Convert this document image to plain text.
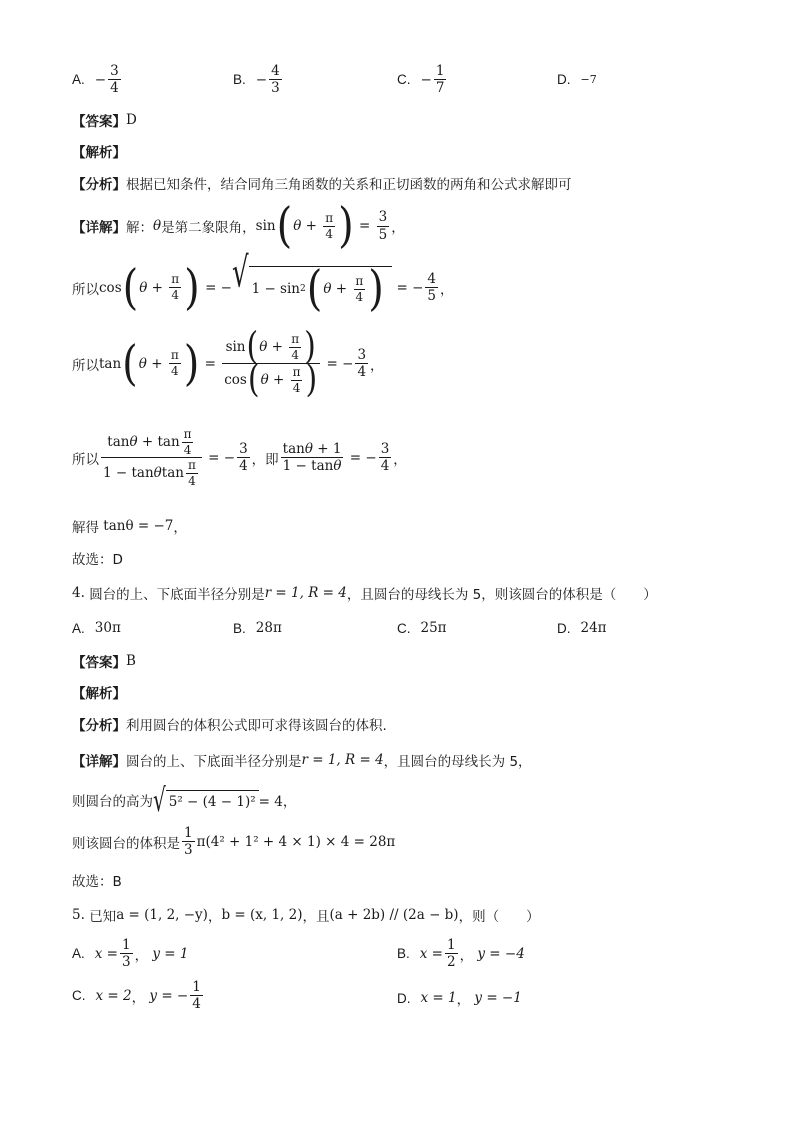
A. − $\frac{3}{4}$	B. − $\frac{4}{3}$	C. − $\frac{1}{7}$	D. −7
【答案】 D
【解析】
【分析】 根据已知条件，结合同角三角函数的关系和正切函数的两角和公式求解即可
【详解】 解： θ 是第二象限角， sin ( $\theta + \frac{\pi}{4}$ ) = $\frac{3}{5}$ ，
所以 cos ( $\theta + \frac{\pi}{4}$ ) = − √ 1 − sin 2 ( $\theta + \frac{\pi}{4}$ )
= − $\frac{4}{5}$ ，
所以 tan ( $\theta + \frac{\pi}{4}$ ) = $\frac{\sin ( \theta + \frac{\pi}{4} )}{\cos ( \theta + \frac{\pi}{4} )}$ = − $\frac{3}{4}$ ，
所以 $\frac{\tan \theta + \tan \frac{\pi}{4}}{1 - \tan \theta \tan \frac{\pi}{4}}$ = − $\frac{3}{4}$ ，即 $\frac{\tan\theta + 1}{1 - \tan\theta}$ = − $\frac{3}{4}$ ，
解得
tanθ = −7 ，
故选：D
4.
圆台的上、下底面半径分别是 r = 1, R = 4 ，且圆台的母线长为 5，则该圆台的体积是（　　）
A. 30π	B. 28π	C. 25π	D. 24π
【答案】 B
【解析】
【分析】 利用圆台的体积公式即可求得该圆台的体积.
【详解】 圆台的上、下底面半径分别是 r = 1, R = 4 ，且圆台的母线长为 5，
则圆台的高为 √ 5² − (4 − 1)² = 4，
则该圆台的体积是 $\frac{1}{3} \pi(4^2 + 1^2 + 4 \times 1) \times 4 = 28\pi$
故选：B
5.
已知 a = (1, 2, −y) ， b = (x, 1, 2) ，且 (a + 2b) // (2a − b) ，则（　　）
A. $x = \frac{1}{3}$ ， y = 1	B. $x = \frac{1}{2}$ ， y = −4
C. x = 2 ， y = − $\frac{1}{4}$	D. x = 1 ， y = −1
